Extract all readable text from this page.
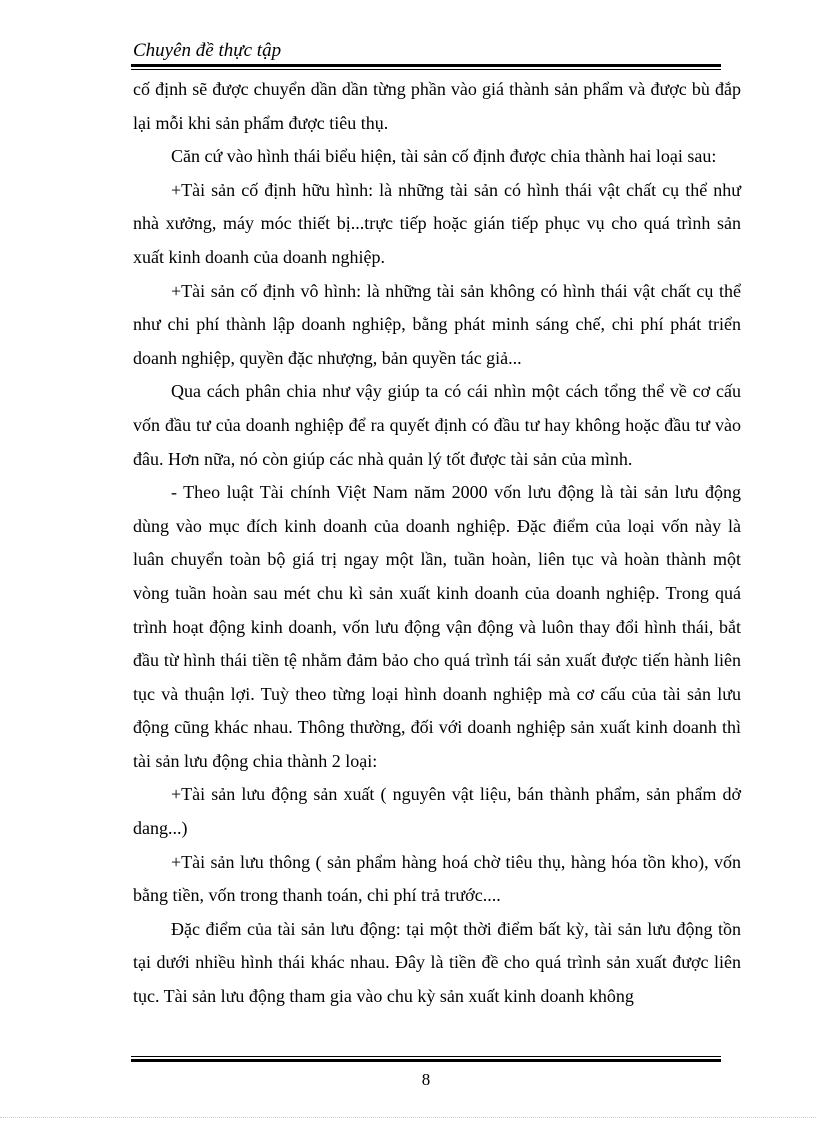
Chuyên đề thực tập

cố định sẽ được chuyển dần dần từng phần vào giá thành sản phẩm và được bù đắp lại mỗi khi sản phẩm được tiêu thụ.

Căn cứ vào hình thái biểu hiện, tài sản cố định được chia thành hai loại sau:

+Tài sản cố định hữu hình: là những tài sản có hình thái vật chất cụ thể như nhà xưởng, máy móc thiết bị...trực tiếp hoặc gián tiếp phục vụ cho quá trình sản xuất kinh doanh của doanh nghiệp.

+Tài sản cố định vô hình: là những tài sản không có hình thái vật chất cụ thể như chi phí thành lập doanh nghiệp, bằng phát minh sáng chế, chi phí phát triển doanh nghiệp, quyền đặc nhượng, bản quyền tác giả...

Qua cách phân chia như vậy giúp ta có cái nhìn một cách tổng thể về cơ cấu vốn đầu tư của doanh nghiệp để ra quyết định có đầu tư hay không hoặc đầu tư vào đâu. Hơn nữa, nó còn giúp các nhà quản lý tốt được tài sản của mình.

- Theo luật Tài chính Việt Nam năm 2000 vốn lưu động là tài sản lưu động dùng vào mục đích kinh doanh của doanh nghiệp. Đặc điểm của loại vốn này là luân chuyển toàn bộ giá trị ngay một lần, tuần hoàn, liên tục và hoàn thành một vòng tuần hoàn sau mét chu kì sản xuất kinh doanh của doanh nghiệp. Trong quá trình hoạt động kinh doanh, vốn lưu động vận động và luôn thay đổi hình thái, bắt đầu từ hình thái tiền tệ nhằm đảm bảo cho quá trình tái sản xuất được tiến hành liên tục và thuận lợi. Tuỳ theo từng loại hình doanh nghiệp mà cơ cấu của tài sản lưu động cũng khác nhau. Thông thường, đối với doanh nghiệp sản xuất kinh doanh thì tài sản lưu động chia thành 2 loại:

+Tài sản lưu động sản xuất ( nguyên vật liệu, bán thành phẩm, sản phẩm dở dang...)

+Tài sản lưu thông ( sản phẩm hàng hoá chờ tiêu thụ, hàng hóa tồn kho), vốn bằng tiền, vốn trong thanh toán, chi phí trả trước....

Đặc điểm của tài sản lưu động: tại một thời điểm bất kỳ, tài sản lưu động tồn tại dưới nhiều hình thái khác nhau. Đây là tiền đề cho quá trình sản xuất được liên tục. Tài sản lưu động tham gia vào chu kỳ sản xuất kinh doanh không

8
